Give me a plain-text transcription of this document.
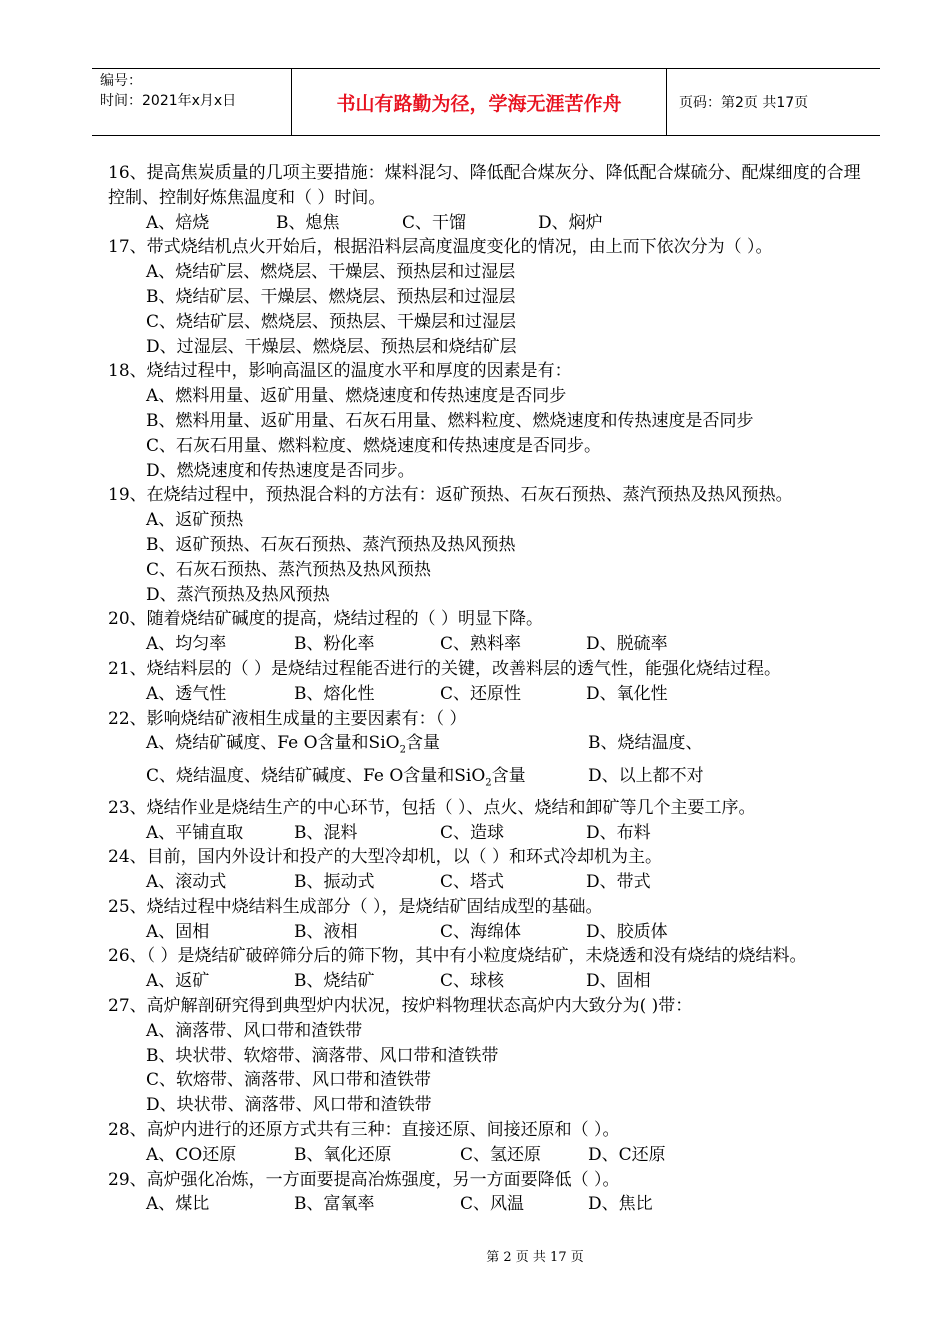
编号：
时间：2021年x月x日	书山有路勤为径，学海无涯苦作舟	页码：第2页 共17页
16、提高焦炭质量的几项主要措施：煤料混匀、降低配合煤灰分、降低配合煤硫分、配煤细度的合理控制、控制好炼焦温度和（ ）时间。
A、焙烧	B、熄焦	C、干馏	D、焖炉
17、带式烧结机点火开始后，根据沿料层高度温度变化的情况，由上而下依次分为（ ）。
A、烧结矿层、燃烧层、干燥层、预热层和过湿层
B、烧结矿层、干燥层、燃烧层、预热层和过湿层
C、烧结矿层、燃烧层、预热层、干燥层和过湿层
D、过湿层、干燥层、燃烧层、预热层和烧结矿层
18、烧结过程中，影响高温区的温度水平和厚度的因素是有：
A、燃料用量、返矿用量、燃烧速度和传热速度是否同步
B、燃料用量、返矿用量、石灰石用量、燃料粒度、燃烧速度和传热速度是否同步
C、石灰石用量、燃料粒度、燃烧速度和传热速度是否同步。
D、燃烧速度和传热速度是否同步。
19、在烧结过程中，预热混合料的方法有：返矿预热、石灰石预热、蒸汽预热及热风预热。
A、返矿预热
B、返矿预热、石灰石预热、蒸汽预热及热风预热
C、石灰石预热、蒸汽预热及热风预热
D、蒸汽预热及热风预热
20、随着烧结矿碱度的提高，烧结过程的（ ）明显下降。
A、均匀率	B、粉化率	C、熟料率	D、脱硫率
21、烧结料层的（ ）是烧结过程能否进行的关键，改善料层的透气性，能强化烧结过程。
A、透气性	B、熔化性	C、还原性	D、氧化性
22、影响烧结矿液相生成量的主要因素有：（ ）
A、烧结矿碱度、Fe O含量和SiO$_2$含量	B、烧结温度、
C、烧结温度、烧结矿碱度、Fe O含量和SiO$_2$含量	D、以上都不对
23、烧结作业是烧结生产的中心环节，包括（ ）、点火、烧结和卸矿等几个主要工序。
A、平铺直取	B、混料	C、造球	D、布料
24、目前，国内外设计和投产的大型冷却机，以（ ）和环式冷却机为主。
A、滚动式	B、振动式	C、塔式	D、带式
25、烧结过程中烧结料生成部分（ ），是烧结矿固结成型的基础。
A、固相	B、液相	C、海绵体	D、胶质体
26、（ ）是烧结矿破碎筛分后的筛下物，其中有小粒度烧结矿，未烧透和没有烧结的烧结料。
A、返矿	B、烧结矿	C、球核	D、固相
27、高炉解剖研究得到典型炉内状况，按炉料物理状态高炉内大致分为( )带：
A、滴落带、风口带和渣铁带
B、块状带、软熔带、滴落带、风口带和渣铁带
C、软熔带、滴落带、风口带和渣铁带
D、块状带、滴落带、风口带和渣铁带
28、高炉内进行的还原方式共有三种：直接还原、间接还原和（ ）。
A、CO还原	B、氧化还原	C、氢还原	D、C还原
29、高炉强化冶炼，一方面要提高冶炼强度，另一方面要降低（ ）。
A、煤比	B、富氧率	C、风温	D、焦比
第 2 页 共 17 页
